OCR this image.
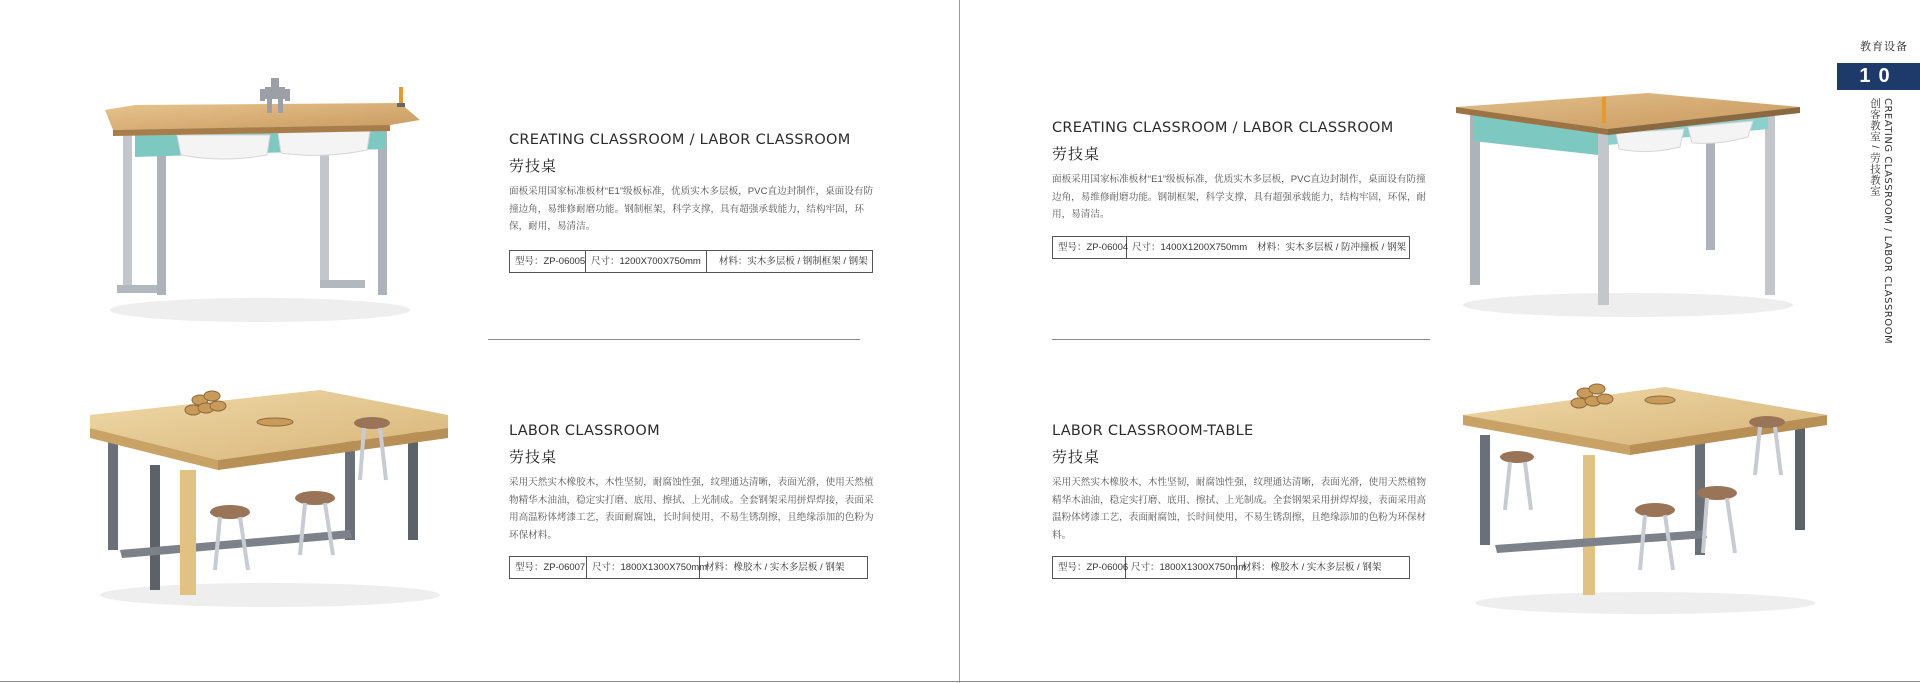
CREATING CLASSROOM / LABOR CLASSROOM
劳技桌
面板采用国家标准板材“E1”级板标准，优质实木多层板，PVC直边封制作，桌面设有防撞边角，易维修耐磨功能。钢制框架，科学支撑，具有超强承载能力，结构牢固，环保，耐用，易清洁。
型号：ZP-06005 尺寸：1200X700X750mm	材料：实木多层板 / 钢制框架 / 钢架
LABOR CLASSROOM
劳技桌
采用天然实木橡胶木，木性坚韧，耐腐蚀性强，纹理通达清晰，表面光滑，使用天然植物精华木油油，稳定实打磨、底用、擦拭、上光制成。全套钢架采用拼焊焊接，表面采用高温粉体烤漆工艺，表面耐腐蚀，长时间使用，不易生锈刮擦，且绝缘添加的色粉为环保材料。
型号：ZP-06007 尺寸：1800X1300X750mm
材料：橡胶木 / 实木多层板 / 钢架
CREATING CLASSROOM / LABOR CLASSROOM
劳技桌
面板采用国家标准板材“E1”级板标准，优质实木多层板，PVC直边封制作，桌面设有防撞边角，易维修耐磨功能。钢制框架，科学支撑，具有超强承载能力，结构牢固，环保，耐用，易清洁。
型号：ZP-06004 尺寸：1400X1200X750mm	材料：实木多层板 / 防冲撞板 / 钢架
LABOR CLASSROOM-TABLE
劳技桌
采用天然实木橡胶木，木性坚韧，耐腐蚀性强，纹理通达清晰，表面光滑，使用天然植物精华木油油，稳定实打磨、底用、擦拭、上光制成。全套钢架采用拼焊焊接，表面采用高温粉体烤漆工艺，表面耐腐蚀，长时间使用，不易生锈刮擦，且绝缘添加的色粉为环保材料。
型号：ZP-06006 尺寸：1800X1300X750mm
材料：橡胶木 / 实木多层板 / 钢架
教育设备
10
创客教室 / 劳技教室 CREATING CLASSROOM / LABOR CLASSROOM
